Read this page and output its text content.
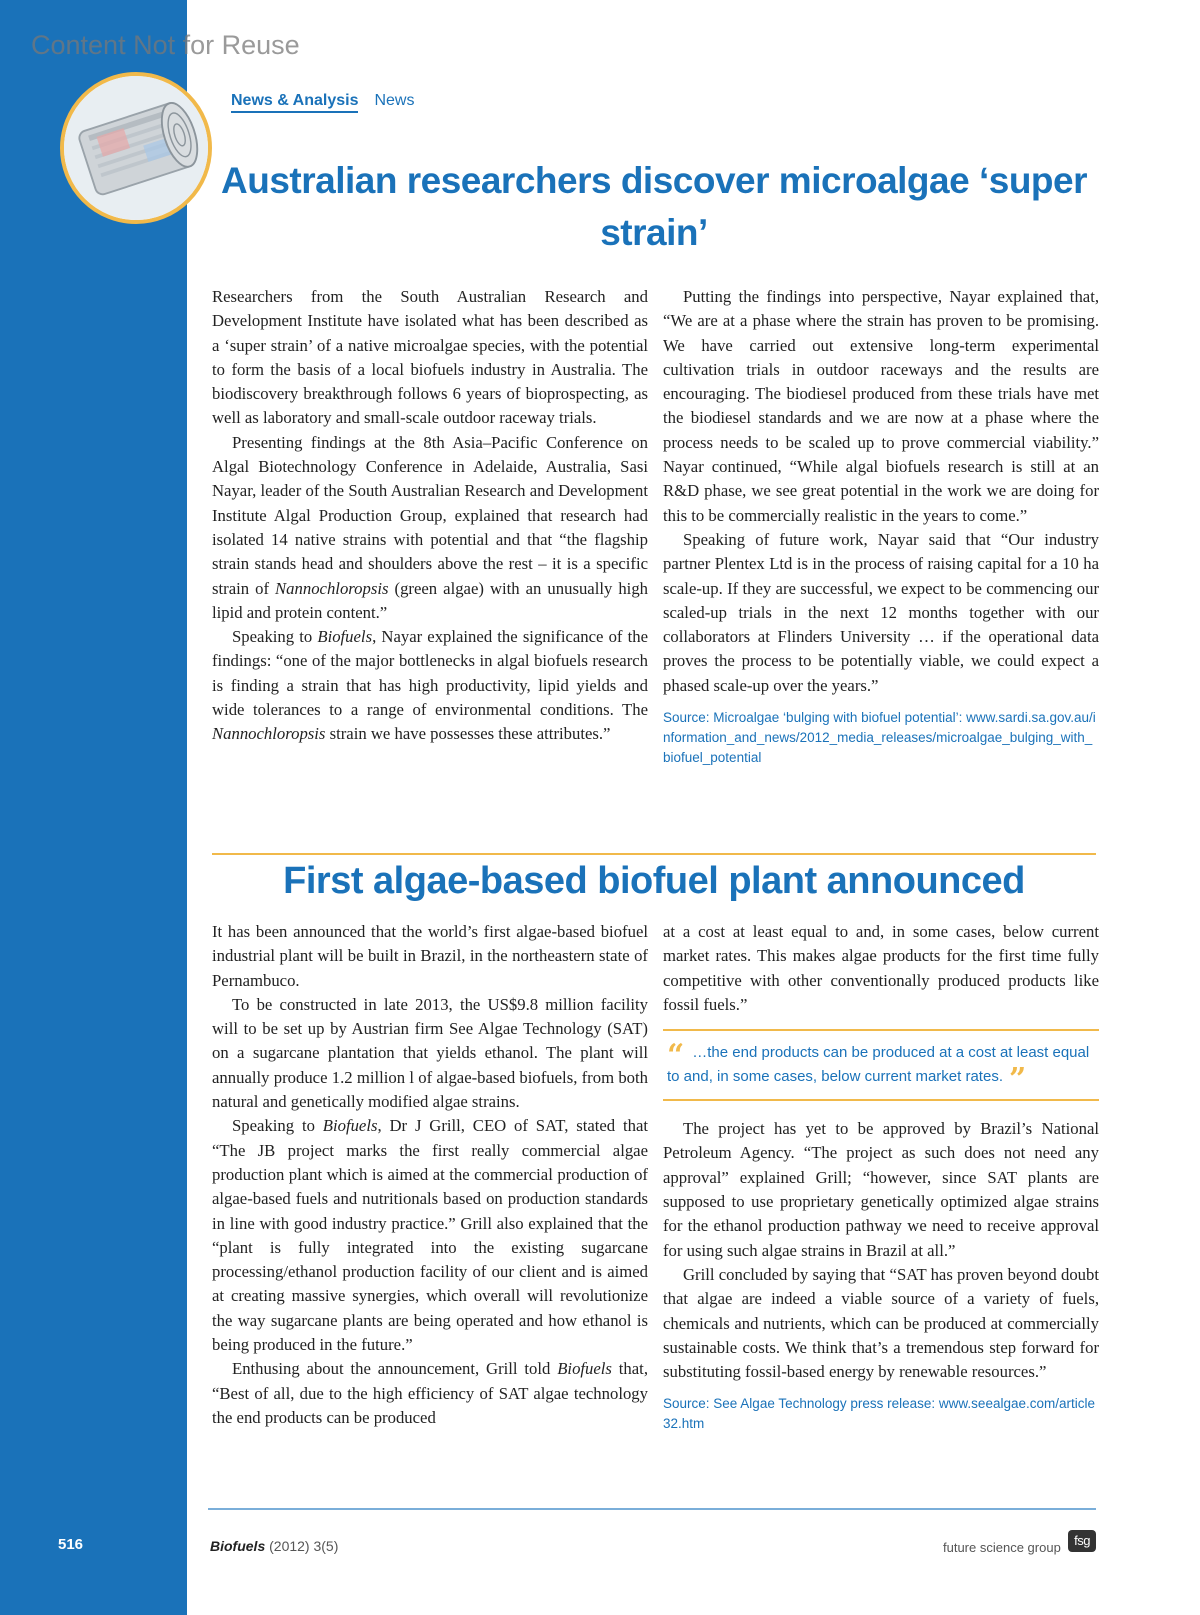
Content Not for Reuse
News & Analysis News
Australian researchers discover microalgae ‘super strain’

Researchers from the South Australian Research and Development Institute have isolated what has been described as a ‘super strain’ of a native microalgae species, with the potential to form the basis of a local biofuels industry in Australia. The biodiscovery breakthrough follows 6 years of bioprospecting, as well as laboratory and small-scale outdoor raceway trials.

Presenting findings at the 8th Asia–Pacific Conference on Algal Biotechnology Conference in Adelaide, Australia, Sasi Nayar, leader of the South Australian Research and Development Institute Algal Production Group, explained that research had isolated 14 native strains with potential and that “the flagship strain stands head and shoulders above the rest – it is a specific strain of Nannochloropsis (green algae) with an unusually high lipid and protein content.”

Speaking to Biofuels, Nayar explained the significance of the findings: “one of the major bottlenecks in algal biofuels research is finding a strain that has high productivity, lipid yields and wide tolerances to a range of environmental conditions. The Nannochloropsis strain we have possesses these attributes.”

Putting the findings into perspective, Nayar explained that, “We are at a phase where the strain has proven to be promising. We have carried out extensive long-term experimental cultivation trials in outdoor raceways and the results are encouraging. The biodiesel produced from these trials have met the biodiesel standards and we are now at a phase where the process needs to be scaled up to prove commercial viability.” Nayar continued, “While algal biofuels research is still at an R&D phase, we see great potential in the work we are doing for this to be commercially realistic in the years to come.”

Speaking of future work, Nayar said that “Our industry partner Plentex Ltd is in the process of raising capital for a 10 ha scale-up. If they are successful, we expect to be commencing our scaled-up trials in the next 12 months together with our collaborators at Flinders University … if the operational data proves the process to be potentially viable, we could expect a phased scale-up over the years.”

Source: Microalgae ‘bulging with biofuel potential’: www.sardi.sa.gov.au/information_and_news/2012_media_releases/microalgae_bulging_with_biofuel_potential

First algae-based biofuel plant announced

It has been announced that the world’s first algae-based biofuel industrial plant will be built in Brazil, in the northeastern state of Pernambuco.

To be constructed in late 2013, the US$9.8 million facility will to be set up by Austrian firm See Algae Technology (SAT) on a sugarcane plantation that yields ethanol. The plant will annually produce 1.2 million l of algae-based biofuels, from both natural and genetically modified algae strains.

Speaking to Biofuels, Dr J Grill, CEO of SAT, stated that “The JB project marks the first really commercial algae production plant which is aimed at the commercial production of algae-based fuels and nutritionals based on production standards in line with good industry practice.” Grill also explained that the “plant is fully integrated into the existing sugarcane processing/ethanol production facility of our client and is aimed at creating massive synergies, which overall will revolutionize the way sugarcane plants are being operated and how ethanol is being produced in the future.”

Enthusing about the announcement, Grill told Biofuels that, “Best of all, due to the high efficiency of SAT algae technology the end products can be produced

at a cost at least equal to and, in some cases, below current market rates. This makes algae products for the first time fully competitive with other conventionally produced products like fossil fuels.”

“ …the end products can be produced at a cost at least equal to and, in some cases, below current market rates. ”

The project has yet to be approved by Brazil’s National Petroleum Agency. “The project as such does not need any approval” explained Grill; “however, since SAT plants are supposed to use proprietary genetically optimized algae strains for the ethanol production pathway we need to receive approval for using such algae strains in Brazil at all.”

Grill concluded by saying that “SAT has proven beyond doubt that algae are indeed a viable source of a variety of fuels, chemicals and nutrients, which can be produced at commercially sustainable costs. We think that’s a tremendous step forward for substituting fossil-based energy by renewable resources.”

Source: See Algae Technology press release: www.seealgae.com/article32.htm

516	Biofuels (2012) 3(5)	future science group	fsg
